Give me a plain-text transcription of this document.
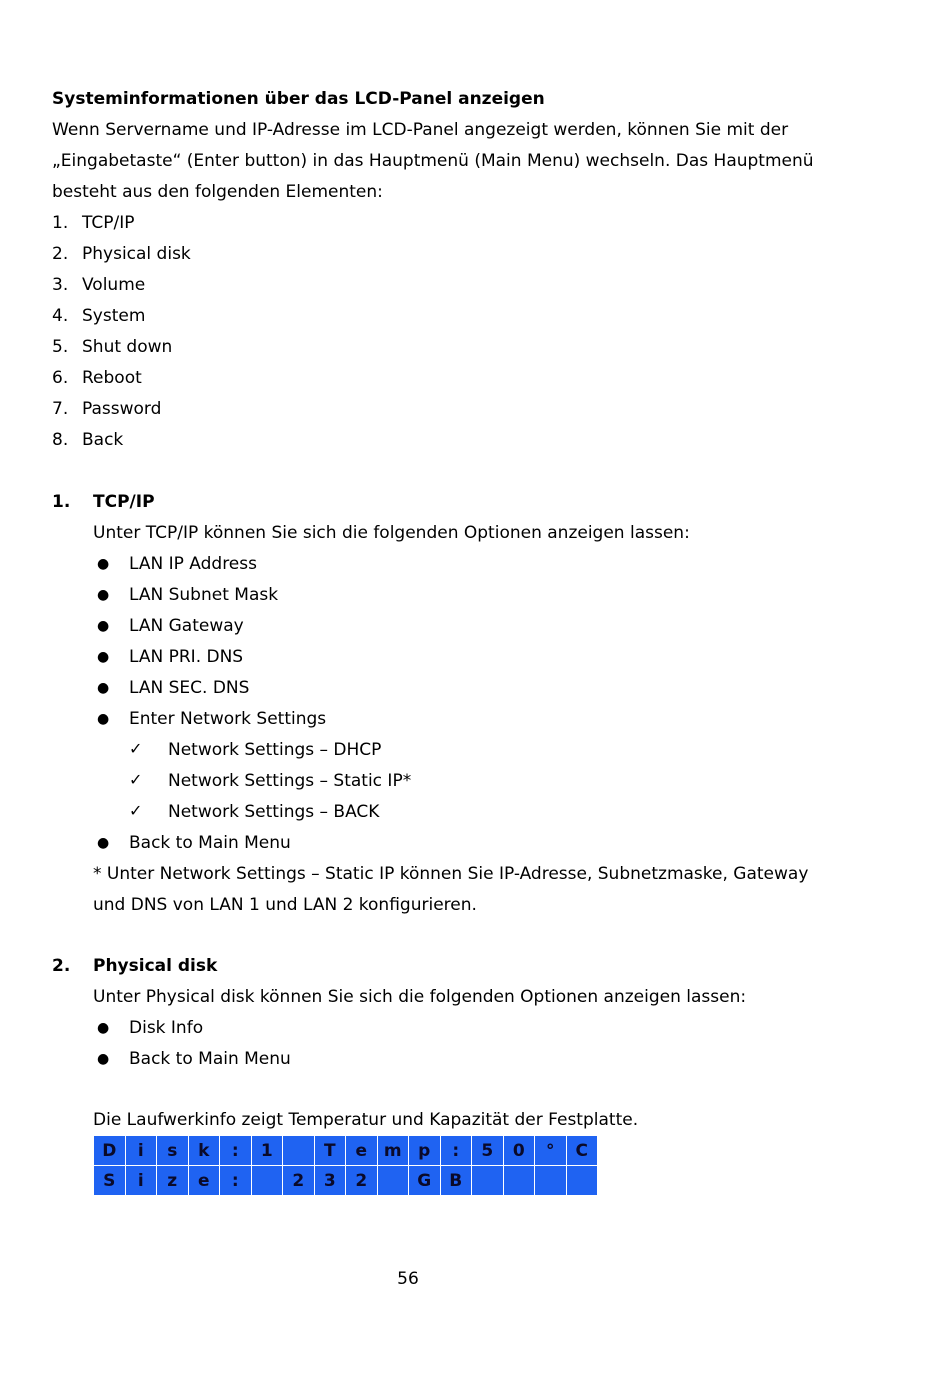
Systeminformationen über das LCD-Panel anzeigen
Wenn Servername und IP-Adresse im LCD-Panel angezeigt werden, können Sie mit der
„Eingabetaste“ (Enter button) in das Hauptmenü (Main Menu) wechseln. Das Hauptmenü
besteht aus den folgenden Elementen:
1. TCP/IP
2. Physical disk
3. Volume
4. System
5. Shut down
6. Reboot
7. Password
8. Back
1. TCP/IP
Unter TCP/IP können Sie sich die folgenden Optionen anzeigen lassen:
● LAN IP Address
● LAN Subnet Mask
● LAN Gateway
● LAN PRI. DNS
● LAN SEC. DNS
● Enter Network Settings
✓ Network Settings – DHCP
✓ Network Settings – Static IP*
✓ Network Settings – BACK
● Back to Main Menu
* Unter Network Settings – Static IP können Sie IP-Adresse, Subnetzmaske, Gateway
und DNS von LAN 1 und LAN 2 konfigurieren.
2. Physical disk
Unter Physical disk können Sie sich die folgenden Optionen anzeigen lassen:
● Disk Info
● Back to Main Menu
Die Laufwerkinfo zeigt Temperatur und Kapazität der Festplatte.
D	i	s	k	:	1		T	e	m	p	:	5	0	°	C
S	i	z	e	:		2	3	2		G	B				
56
